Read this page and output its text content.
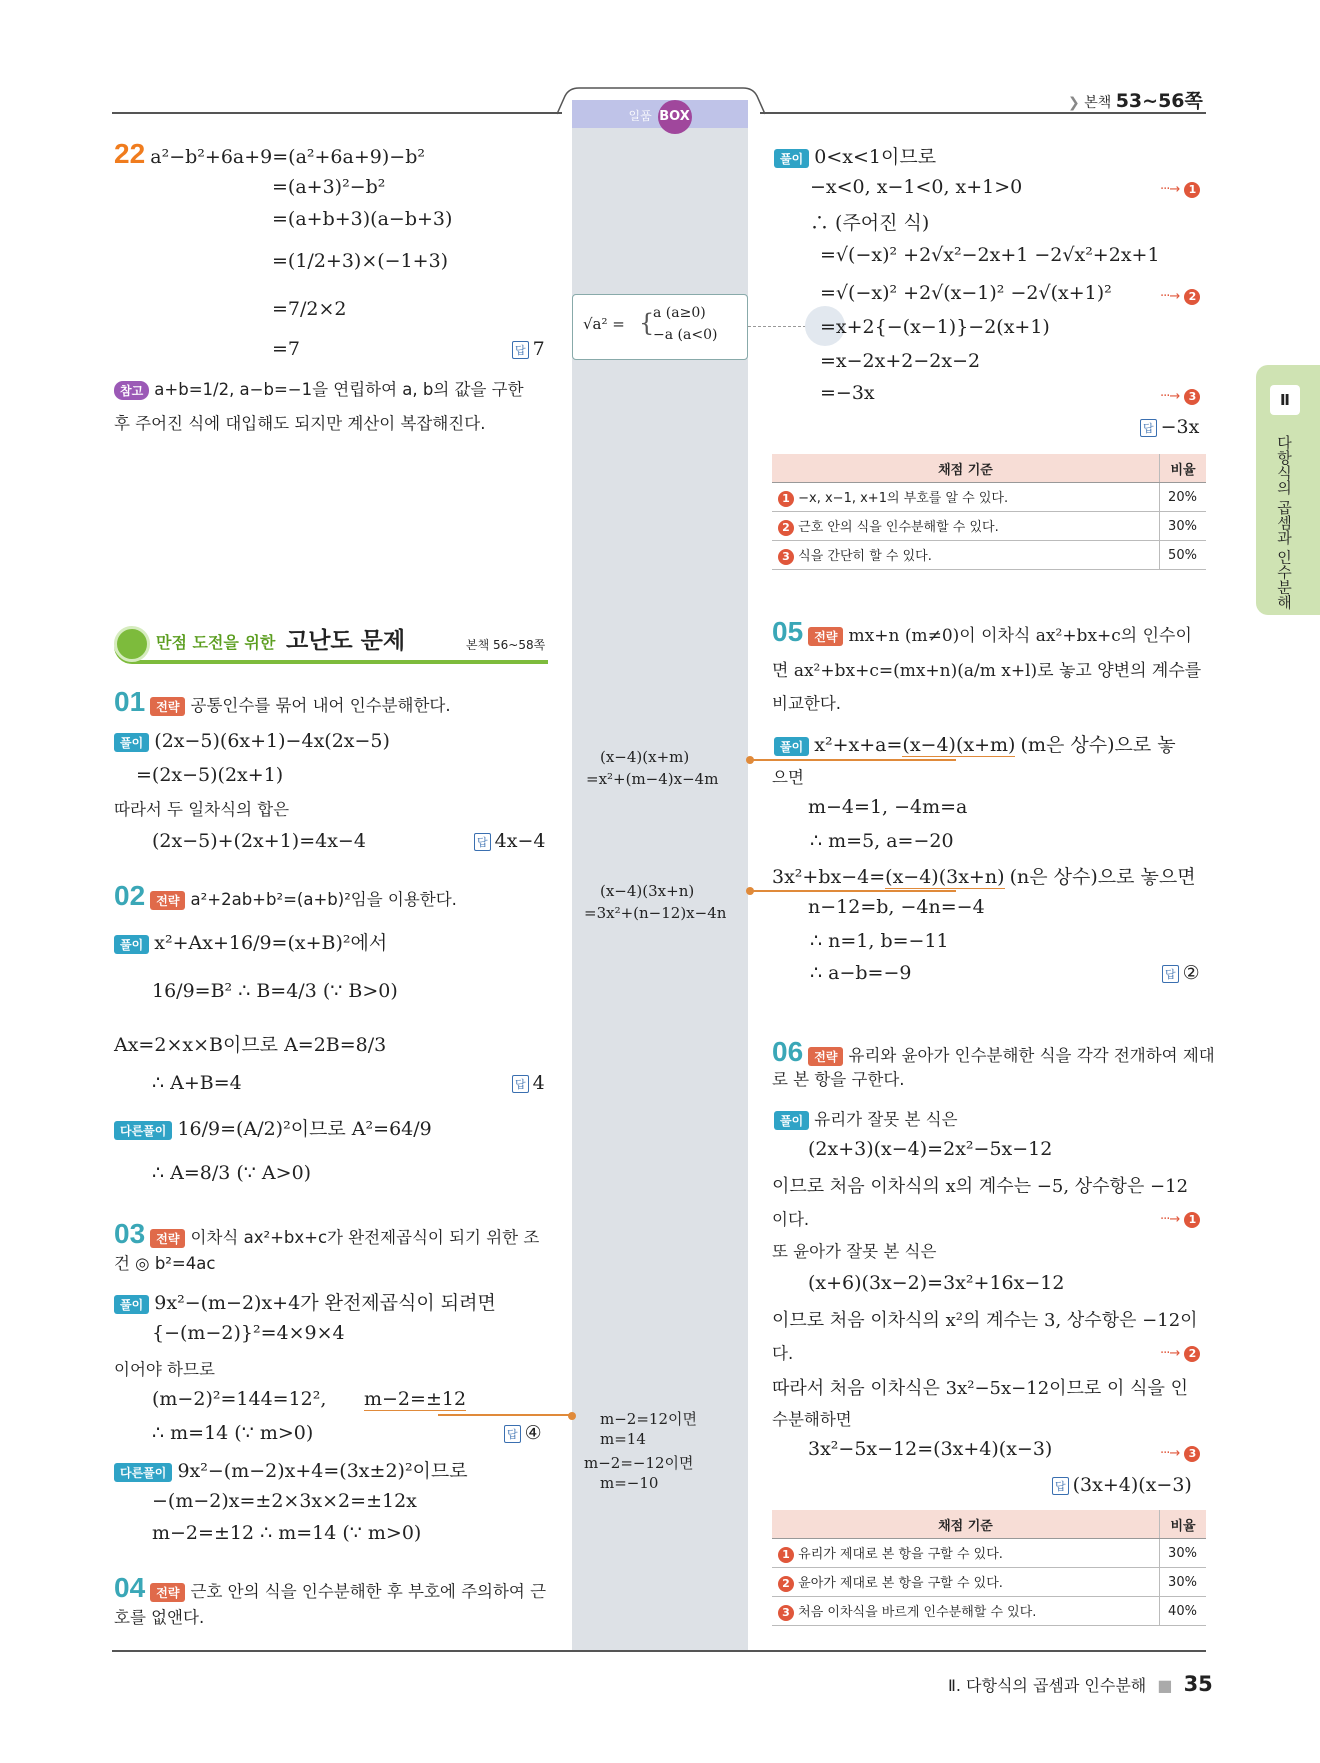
일품 BOX
❯ 본책 53~56쪽
Ⅱ
다항식의 곱셈과 인수분해
22 a²−b²+6a+9=(a²+6a+9)−b²
=(a+3)²−b²
=(a+b+3)(a−b+3)
=(1/2+3)×(−1+3)
=7/2×2
=7	답 7
참고 a+b=1/2, a−b=−1을 연립하여 a, b의 값을 구한
후 주어진 식에 대입해도 되지만 계산이 복잡해진다.
√a² = {
a (a≥0)
−a (a<0)
풀이 0<x<1이므로
−x<0, x−1<0, x+1>0	···→ 1
∴ (주어진 식)
=√(−x)² +2√x²−2x+1 −2√x²+2x+1
=√(−x)² +2√(x−1)² −2√(x+1)²	···→ 2
=x+2{−(x−1)}−2(x+1)
=x−2x+2−2x−2
=−3x	···→ 3
답 −3x
채점 기준	비율
1 −x, x−1, x+1의 부호를 알 수 있다.	20%
2 근호 안의 식을 인수분해할 수 있다.	30%
3 식을 간단히 할 수 있다.	50%
만점 도전을 위한 고난도 문제	본책 56~58쪽
01 전략 공통인수를 묶어 내어 인수분해한다.
풀이 (2x−5)(6x+1)−4x(2x−5)
=(2x−5)(2x+1)
따라서 두 일차식의 합은
(2x−5)+(2x+1)=4x−4	답 4x−4
02 전략 a²+2ab+b²=(a+b)²임을 이용한다.
풀이 x²+Ax+16/9=(x+B)²에서
16/9=B² ∴ B=4/3 (∵ B>0)
Ax=2×x×B이므로 A=2B=8/3
∴ A+B=4	답 4
다른풀이 16/9=(A/2)²이므로 A²=64/9
∴ A=8/3 (∵ A>0)
03 전략 이차식 ax²+bx+c가 완전제곱식이 되기 위한 조
건 ◎ b²=4ac
풀이 9x²−(m−2)x+4가 완전제곱식이 되려면
{−(m−2)}²=4×9×4
이어야 하므로
(m−2)²=144=12², m−2=±12
∴ m=14 (∵ m>0)	답 ④
다른풀이 9x²−(m−2)x+4=(3x±2)²이므로
−(m−2)x=±2×3x×2=±12x
m−2=±12 ∴ m=14 (∵ m>0)
04 전략 근호 안의 식을 인수분해한 후 부호에 주의하여 근
호를 없앤다.
(x−4)(x+m)
=x²+(m−4)x−4m
(x−4)(3x+n)
=3x²+(n−12)x−4n
m−2=12이면
m=14
m−2=−12이면
m=−10
05 전략 mx+n (m≠0)이 이차식 ax²+bx+c의 인수이
면 ax²+bx+c=(mx+n)(a/m x+l)로 놓고 양변의 계수를
비교한다.
풀이 x²+x+a=(x−4)(x+m) (m은 상수)으로 놓
으면
m−4=1, −4m=a
∴ m=5, a=−20
3x²+bx−4=(x−4)(3x+n) (n은 상수)으로 놓으면
n−12=b, −4n=−4
∴ n=1, b=−11
∴ a−b=−9	답 ②
06 전략 유리와 윤아가 인수분해한 식을 각각 전개하여 제대
로 본 항을 구한다.
풀이 유리가 잘못 본 식은
(2x+3)(x−4)=2x²−5x−12
이므로 처음 이차식의 x의 계수는 −5, 상수항은 −12
이다.	···→ 1
또 윤아가 잘못 본 식은
(x+6)(3x−2)=3x²+16x−12
이므로 처음 이차식의 x²의 계수는 3, 상수항은 −12이
다.	···→ 2
따라서 처음 이차식은 3x²−5x−12이므로 이 식을 인
수분해하면
3x²−5x−12=(3x+4)(x−3)	···→ 3
답 (3x+4)(x−3)
채점 기준	비율
1 유리가 제대로 본 항을 구할 수 있다.	30%
2 윤아가 제대로 본 항을 구할 수 있다.	30%
3 처음 이차식을 바르게 인수분해할 수 있다.	40%
Ⅱ. 다항식의 곱셈과 인수분해 ■ 35
